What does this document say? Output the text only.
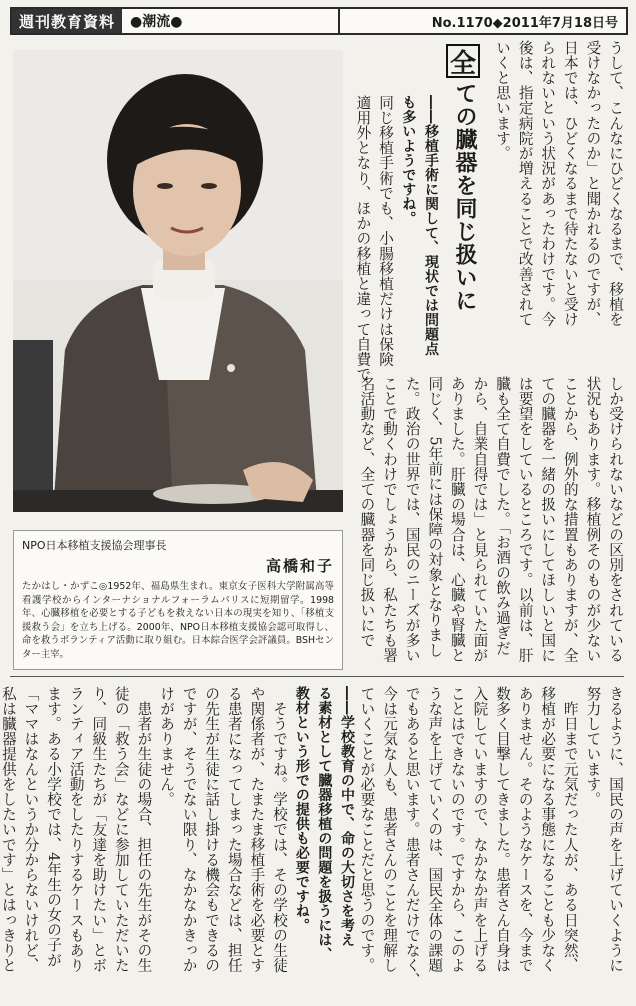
週刊教育資料	●潮流●	No.1170◆2011年7月18日号
NPO日本移植支援協会理事長
高橋和子
たかはし・かずこ◎1952年、福島県生まれ。東京女子医科大学附属高等看護学校からインターナショナルフォーラムパリスに短期留学。1998年、心臓移植を必要とする子どもを救えない日本の現実を知り、「移植支援救う会」を立ち上げる。2000年、NPO日本移植支援協会認可取得し、命を救うボランティア活動に取り組む。日本綜合医学会評議員。BSHセンター主宰。
うして、こんなにひどくなるまで、移植を
受けなかったのか」と聞かれるのですが、
日本では、ひどくなるまで待たないと受け
られないという状況があったわけです。今
後は、指定病院が増えることで改善されて
いくと思います。
全
ての臓器を同じ扱いに
――移植手術に関して、現状では問題点
も多いようですね。
同じ移植手術でも、小腸移植だけは保険
適用外となり、ほかの移植と違って自費で
しか受けられないなどの区別をされている
状況もあります。移植例そのものが少ない
ことから、例外的な措置もありますが、全
ての臓器を一緒の扱いにしてほしいと国に
は要望をしているところです。以前は、肝
臓も全て自費でした。「お酒の飲み過ぎだ
から、自業自得では」と見られていた面が
ありました。肝臓の場合は、心臓や腎臓と
同じく、5年前には保障の対象となりまし
た。政治の世界では、国民のニーズが多い
ことで動くわけでしょうから、私たちも署
名活動など、全ての臓器を同じ扱いにで
きるように、国民の声を上げていくように
努力しています。
　昨日まで元気だった人が、ある日突然、
移植が必要になる事態になることも少なく
ありません。そのようなケースを、今まで
数多く目撃してきました。患者さん自身は
入院していますので、なかなか声を上げる
ことはできないのです。ですから、このよ
うな声を上げていくのは、国民全体の課題
でもあると思います。患者さんだけでなく、
今は元気な人も、患者さんのことを理解し
ていくことが必要なことだと思うのです。
――学校教育の中で、命の大切さを考え
る素材として臓器移植の問題を扱うには、
教材という形での提供も必要ですね。
　そうですね。学校では、その学校の生徒
や関係者が、たまたま移植手術を必要とす
る患者になってしまった場合などは、担任
の先生が生徒に話し掛ける機会もできるの
ですが、そうでない限り、なかなかきっか
けがありません。
　患者が生徒の場合、担任の先生がその生
徒の「救う会」などに参加していただいた
り、同級生たちが「友達を助けたい」とボ
ランティア活動をしたりするケースもあり
ます。ある小学校では、4年生の女の子が
「ママはなんというか分からないけれど、
私は臓器提供をしたいです」とはっきりと
